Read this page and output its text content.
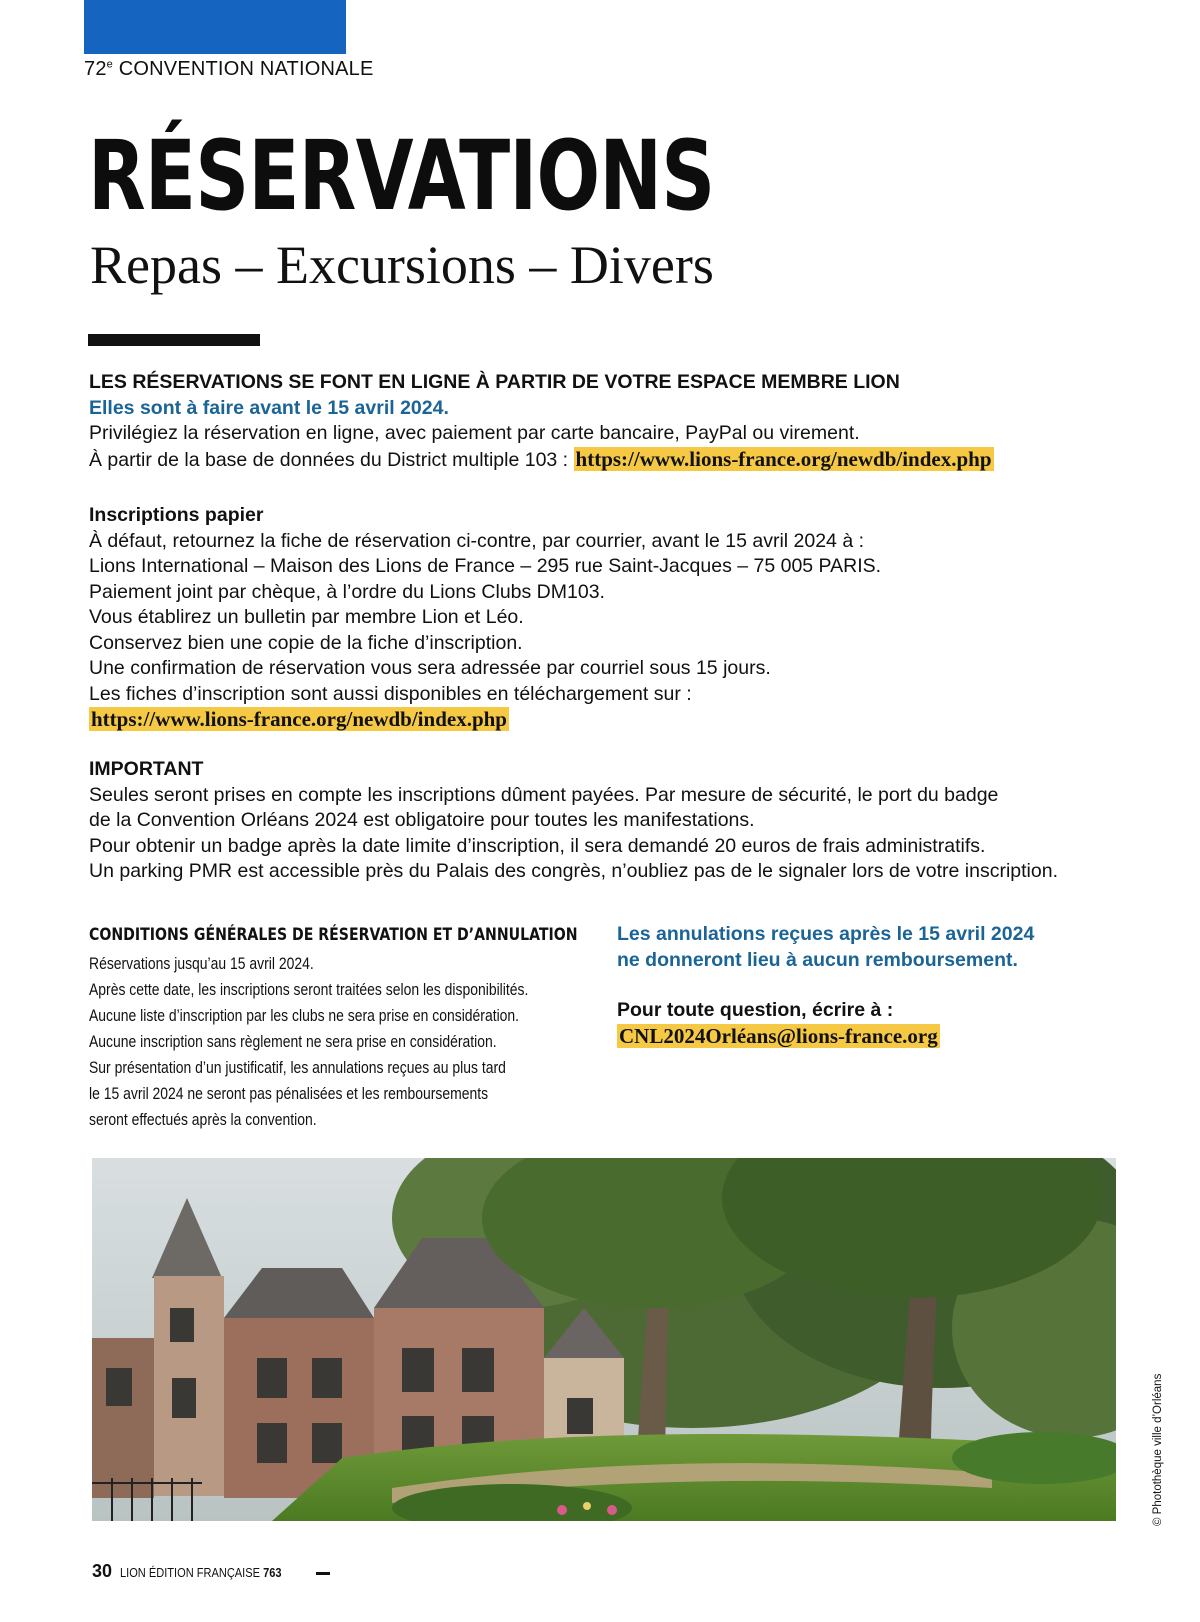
72e CONVENTION NATIONALE
RÉSERVATIONS
Repas – Excursions – Divers

LES RÉSERVATIONS SE FONT EN LIGNE À PARTIR DE VOTRE ESPACE MEMBRE LION

Elles sont à faire avant le 15 avril 2024.

Privilégiez la réservation en ligne, avec paiement par carte bancaire, PayPal ou virement.

À partir de la base de données du District multiple 103 : https://www.lions-france.org/newdb/index.php

Inscriptions papier

À défaut, retournez la fiche de réservation ci-contre, par courrier, avant le 15 avril 2024 à :

Lions International – Maison des Lions de France – 295 rue Saint-Jacques – 75 005 PARIS.

Paiement joint par chèque, à l’ordre du Lions Clubs DM103.

Vous établirez un bulletin par membre Lion et Léo.

Conservez bien une copie de la fiche d’inscription.

Une confirmation de réservation vous sera adressée par courriel sous 15 jours.

Les fiches d’inscription sont aussi disponibles en téléchargement sur :

https://www.lions-france.org/newdb/index.php

IMPORTANT

Seules seront prises en compte les inscriptions dûment payées. Par mesure de sécurité, le port du badge

de la Convention Orléans 2024 est obligatoire pour toutes les manifestations.

Pour obtenir un badge après la date limite d’inscription, il sera demandé 20 euros de frais administratifs.

Un parking PMR est accessible près du Palais des congrès, n’oubliez pas de le signaler lors de votre inscription.

CONDITIONS GÉNÉRALES DE RÉSERVATION ET D’ANNULATION

Réservations jusqu’au 15 avril 2024.

Après cette date, les inscriptions seront traitées selon les disponibilités.

Aucune liste d’inscription par les clubs ne sera prise en considération.

Aucune inscription sans règlement ne sera prise en considération.

Sur présentation d’un justificatif, les annulations reçues au plus tard

le 15 avril 2024 ne seront pas pénalisées et les remboursements

seront effectués après la convention.

Les annulations reçues après le 15 avril 2024

ne donneront lieu à aucun remboursement.

Pour toute question, écrire à :

CNL2024Orléans@lions-france.org

© Photothèque ville d’Orléans
30 LION ÉDITION FRANÇAISE 763
